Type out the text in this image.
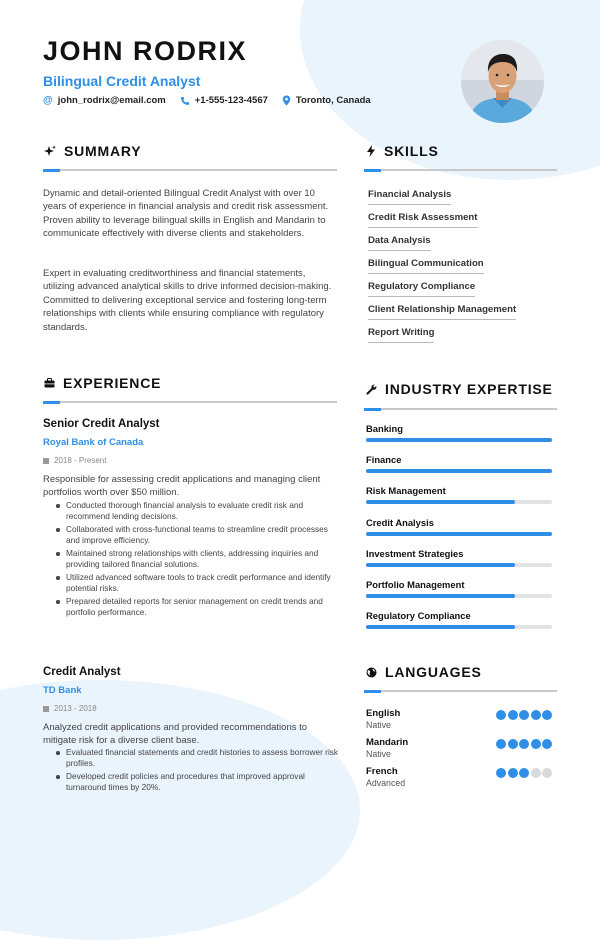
JOHN RODRIX
Bilingual Credit Analyst
@ john_rodrix@email.com	+1-555-123-4567	Toronto, Canada
SUMMARY
Dynamic and detail-oriented Bilingual Credit Analyst with over 10 years of experience in financial analysis and credit risk assessment. Proven ability to leverage bilingual skills in English and Mandarin to communicate effectively with diverse clients and stakeholders.
Expert in evaluating creditworthiness and financial statements, utilizing advanced analytical skills to drive informed decision-making. Committed to delivering exceptional service and fostering long-term relationships with clients while ensuring compliance with regulatory standards.
SKILLS
Financial Analysis
Credit Risk Assessment
Data Analysis
Bilingual Communication
Regulatory Compliance
Client Relationship Management
Report Writing
EXPERIENCE
Senior Credit Analyst
Royal Bank of Canada
2018 - Present
Responsible for assessing credit applications and managing client portfolios worth over $50 million.
Conducted thorough financial analysis to evaluate credit risk and recommend lending decisions.
Collaborated with cross-functional teams to streamline credit processes and improve efficiency.
Maintained strong relationships with clients, addressing inquiries and providing tailored financial solutions.
Utilized advanced software tools to track credit performance and identify potential risks.
Prepared detailed reports for senior management on credit trends and portfolio performance.
Credit Analyst
TD Bank
2013 - 2018
Analyzed credit applications and provided recommendations to mitigate risk for a diverse client base.
Evaluated financial statements and credit histories to assess borrower risk profiles.
Developed credit policies and procedures that improved approval turnaround times by 20%.
INDUSTRY EXPERTISE
Banking
Finance
Risk Management
Credit Analysis
Investment Strategies
Portfolio Management
Regulatory Compliance
LANGUAGES
English
Native
Mandarin
Native
French
Advanced
